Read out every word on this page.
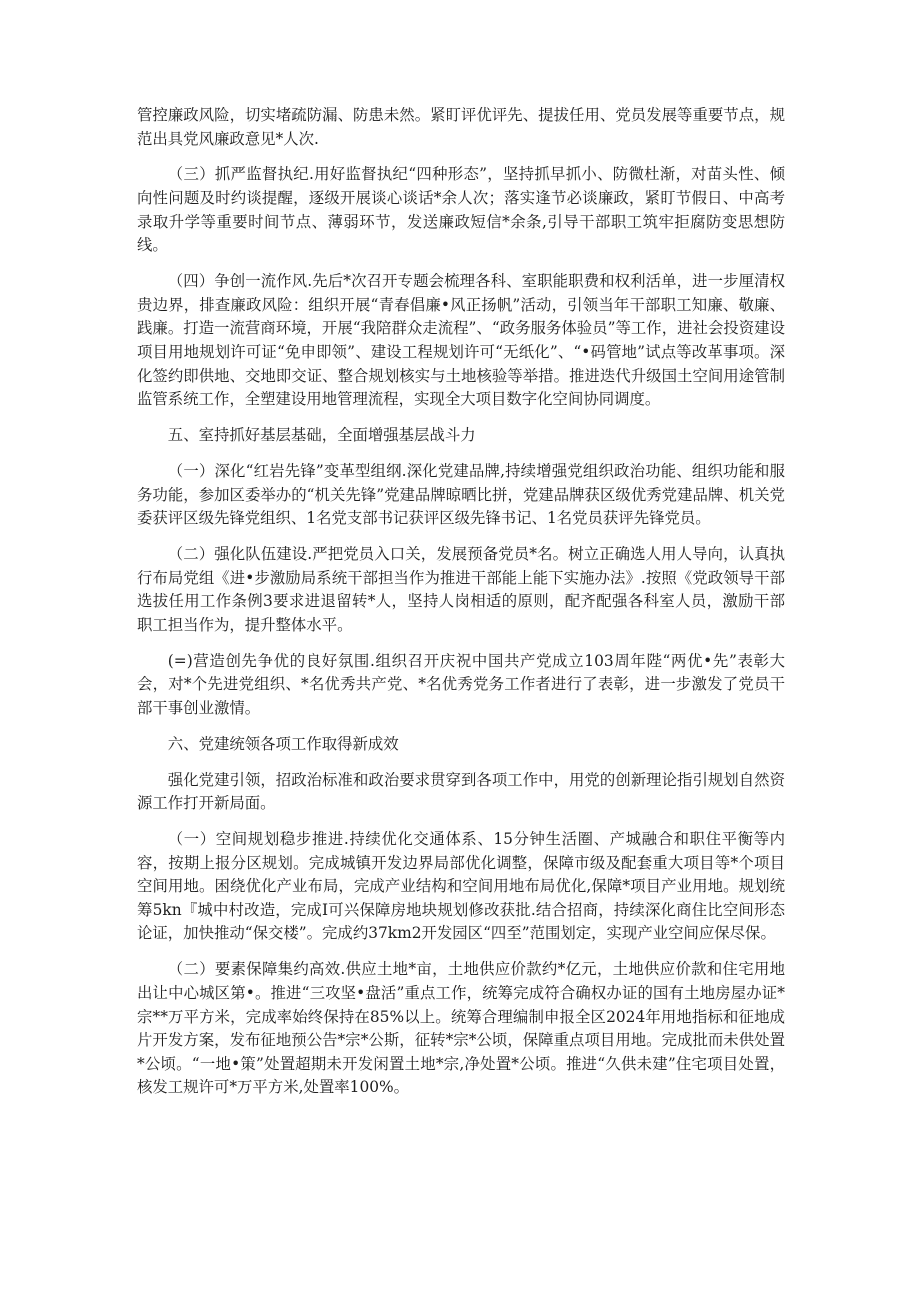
管控廉政风险，切实堵疏防漏、防患未然。紧盯评优评先、提拔任用、党员发展等重要节点，规范出具党风廉政意见*人次.

（三）抓严监督执纪.用好监督执纪“四种形态”，坚持抓早抓小、防微杜渐，对苗头性、倾向性问题及时约谈提醒，逐级开展谈心谈话*余人次；落实逢节必谈廉政，紧盯节假日、中高考录取升学等重要时间节点、薄弱环节，发送廉政短信*余条,引导干部职工筑牢拒腐防变思想防线。

（四）争创一流作风.先后*次召开专题会梳理各科、室职能职费和权利活单，进一步厘清权贵边界，排查廉政风险：组织开展“青春倡廉•风正扬帆”活动，引领当年干部职工知廉、敬廉、践廉。打造一流营商环境，开展“我陪群众走流程”、“政务服务体验员”等工作，进社会投资建设项目用地规划许可证“免申即领”、建设工程规划许可“无纸化”、“•码管地”试点等改革事项。深化签约即供地、交地即交证、整合规划核实与土地核验等举措。推进迭代升级国土空间用途管制监管系统工作，全塑建设用地管理流程，实现全大项目数字化空间协同调度。

五、室持抓好基层基础，全面增强基层战斗力

（一）深化“红岩先锋”变革型组纲.深化党建品牌,持续增强党组织政治功能、组织功能和服务功能，参加区委举办的“机关先锋”党建品牌晾晒比拼，党建品牌获区级优秀党建品牌、机关党委获评区级先锋党组织、1名党支部书记获评区级先锋书记、1名党员获评先锋党员。

（二）强化队伍建设.严把党员入口关，发展预备党员*名。树立正确选人用人导向，认真执行布局党组《进•步激励局系统干部担当作为推进干部能上能下实施办法》.按照《党政领导干部选拔任用工作条例3要求进退留转*人，坚持人岗相适的原则，配齐配强各科室人员，激励干部职工担当作为，提升整体水平。

(=)营造创先争优的良好氛围.组织召开庆祝中国共产党成立103周年陛“两优•先”表彰大会，对*个先进党组织、*名优秀共产党、*名优秀党务工作者进行了表彰，进一步激发了党员干部干事创业激情。

六、党建统领各项工作取得新成效

强化党建引领，招政治标准和政治要求贯穿到各项工作中，用党的创新理论指引规划自然资源工作打开新局面。

（一）空间规划稳步推进.持续优化交通体系、15分钟生活圈、产城融合和职住平衡等内容，按期上报分区规划。完成城镇开发边界局部优化调整，保障市级及配套重大项目等*个项目空间用地。困绕优化产业布局，完成产业结构和空间用地布局优化,保障*项目产业用地。规划统筹5kn『城中村改造，完成I可兴保障房地块规划修改获批.结合招商，持续深化商住比空间形态论证，加快推动“保交楼”。完成约37km2开发园区“四至”范围划定，实现产业空间应保尽保。

（二）要素保障集约高效.供应土地*亩，土地供应价款约*亿元，土地供应价款和住宅用地出让中心城区第•。推进“三攻坚•盘活”重点工作，统筹完成符合确权办证的国有土地房屋办证*宗**万平方米，完成率始终保持在85%以上。统筹合理编制申报全区2024年用地指标和征地成片开发方案，发布征地预公告*宗*公斯，征转*宗*公顷，保障重点项目用地。完成批而未供处置*公顷。“一地•策”处置超期未开发闲置土地*宗,净处置*公顷。推进“久供未建”住宅项目处置，核发工规许可*万平方米,处置率100%。
